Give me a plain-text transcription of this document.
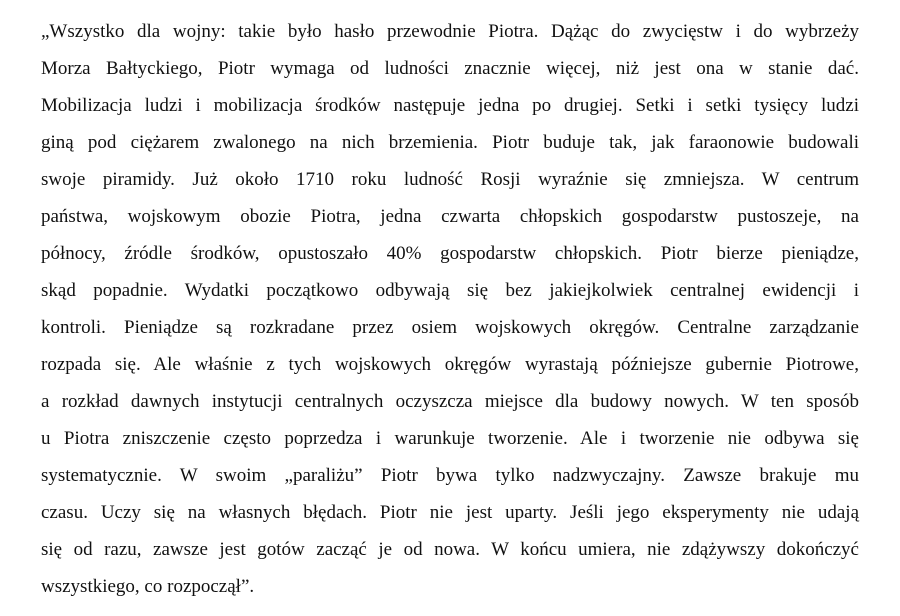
„Wszystko dla wojny: takie było hasło przewodnie Piotra. Dążąc do zwycięstw i do wybrzeży
Morza Bałtyckiego, Piotr wymaga od ludności znacznie więcej, niż jest ona w stanie dać.
Mobilizacja ludzi i mobilizacja środków następuje jedna po drugiej. Setki i setki tysięcy ludzi
giną pod ciężarem zwalonego na nich brzemienia. Piotr buduje tak, jak faraonowie budowali
swoje piramidy. Już około 1710 roku ludność Rosji wyraźnie się zmniejsza. W centrum
państwa, wojskowym obozie Piotra, jedna czwarta chłopskich gospodarstw pustoszeje, na
północy, źródle środków, opustoszało 40% gospodarstw chłopskich. Piotr bierze pieniądze,
skąd popadnie. Wydatki początkowo odbywają się bez jakiejkolwiek centralnej ewidencji i
kontroli. Pieniądze są rozkradane przez osiem wojskowych okręgów. Centralne zarządzanie
rozpada się. Ale właśnie z tych wojskowych okręgów wyrastają późniejsze gubernie Piotrowe,
a rozkład dawnych instytucji centralnych oczyszcza miejsce dla budowy nowych. W ten sposób
u Piotra zniszczenie często poprzedza i warunkuje tworzenie. Ale i tworzenie nie odbywa się
systematycznie. W swoim „paraliżu” Piotr bywa tylko nadzwyczajny. Zawsze brakuje mu
czasu. Uczy się na własnych błędach. Piotr nie jest uparty. Jeśli jego eksperymenty nie udają
się od razu, zawsze jest gotów zacząć je od nowa. W końcu umiera, nie zdążywszy dokończyć
wszystkiego, co rozpoczął”.
